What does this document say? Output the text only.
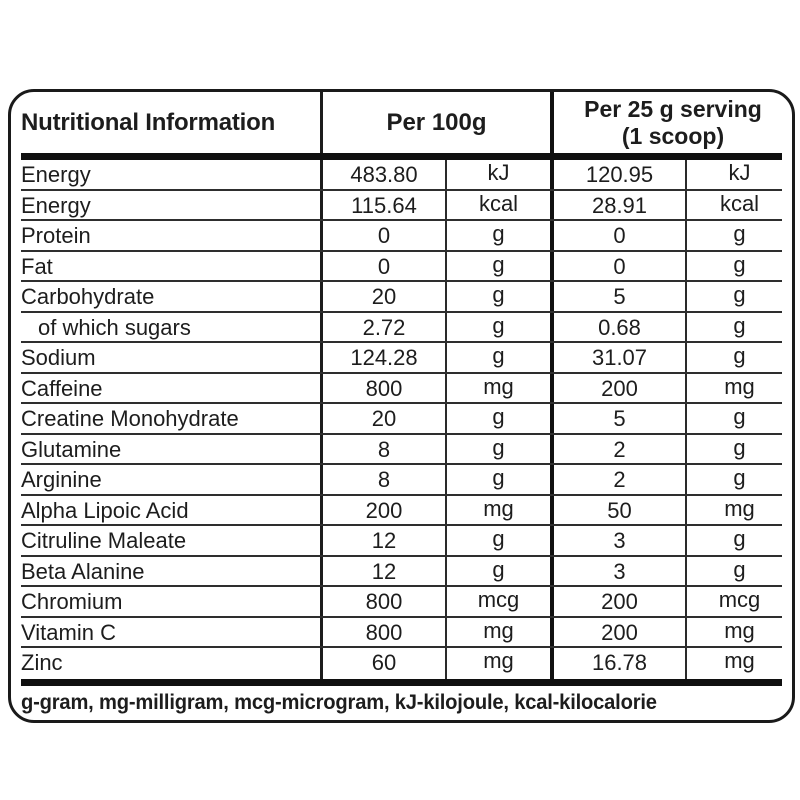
Nutritional Information	Per 100g	Per 25 g serving
(1 scoop)
Energy	483.80	kJ	120.95	kJ
Energy	115.64	kcal	28.91	kcal
Protein	0	g	0	g
Fat	0	g	0	g
Carbohydrate	20	g	5	g
of which sugars	2.72	g	0.68	g
Sodium	124.28	g	31.07	g
Caffeine	800	mg	200	mg
Creatine Monohydrate	20	g	5	g
Glutamine	8	g	2	g
Arginine	8	g	2	g
Alpha Lipoic Acid	200	mg	50	mg
Citruline Maleate	12	g	3	g
Beta Alanine	12	g	3	g
Chromium	800	mcg	200	mcg
Vitamin C	800	mg	200	mg
Zinc	60	mg	16.78	mg
g-gram, mg-milligram, mcg-microgram, kJ-kilojoule, kcal-kilocalorie
